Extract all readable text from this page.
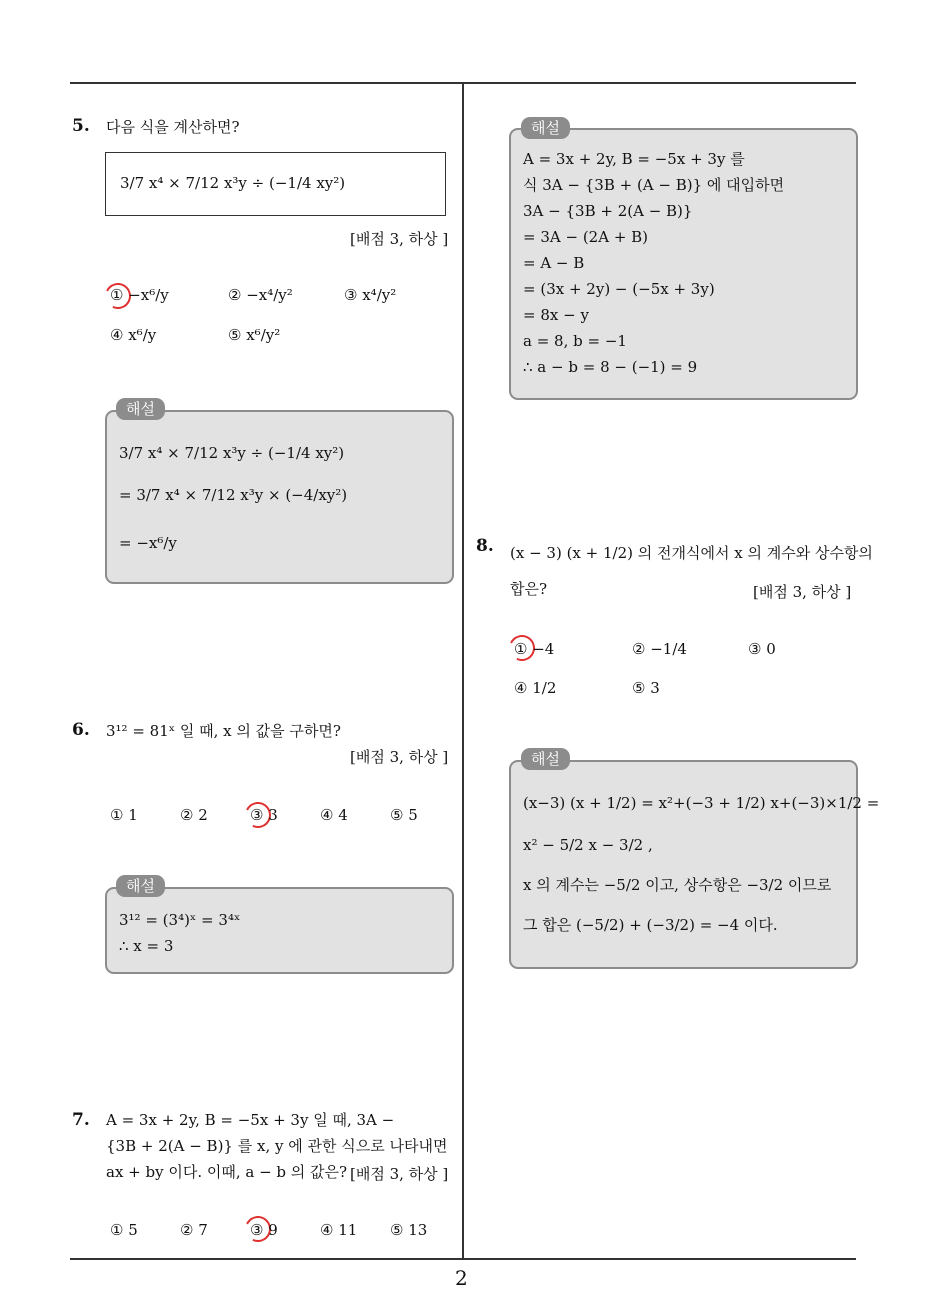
2
5. 다음 식을 계산하면?
3/7 x⁴ × 7/12 x³y ÷ (−1/4 xy²)
[배점 3, 하상 ]
① −x⁶/y	② −x⁴/y²	③ x⁴/y²
④ x⁶/y	⑤ x⁶/y²
3/7 x⁴ × 7/12 x³y ÷ (−1/4 xy²)
= 3/7 x⁴ × 7/12 x³y × (−4/xy²)
= −x⁶/y
해설
6. 3¹² = 81ˣ 일 때, x 의 값을 구하면?
[배점 3, 하상 ]
① 1	② 2	③ 3	④ 4	⑤ 5
3¹² = (3⁴)ˣ = 3⁴ˣ
∴ x = 3
해설
7. A = 3x + 2y, B = −5x + 3y 일 때, 3A −
{3B + 2(A − B)} 를 x, y 에 관한 식으로 나타내면
ax + by 이다. 이때, a − b 의 값은? [배점 3, 하상 ]
① 5	② 7	③ 9	④ 11 ⑤ 13
A = 3x + 2y, B = −5x + 3y 를
식 3A − {3B + (A − B)} 에 대입하면
3A − {3B + 2(A − B)}
= 3A − (2A + B)
= A − B
= (3x + 2y) − (−5x + 3y)
= 8x − y
a = 8, b = −1
∴ a − b = 8 − (−1) = 9
해설
8. (x − 3) (x + 1/2) 의 전개식에서 x 의 계수와 상수항의
합은?	[배점 3, 하상 ]
① −4	② −1/4	③ 0
④ 1/2	⑤ 3
(x−3) (x + 1/2) = x²+(−3 + 1/2) x+(−3)×1/2 =
x² − 5/2 x − 3/2 ,
x 의 계수는 −5/2 이고, 상수항은 −3/2 이므로
그 합은 (−5/2) + (−3/2) = −4 이다.
해설
